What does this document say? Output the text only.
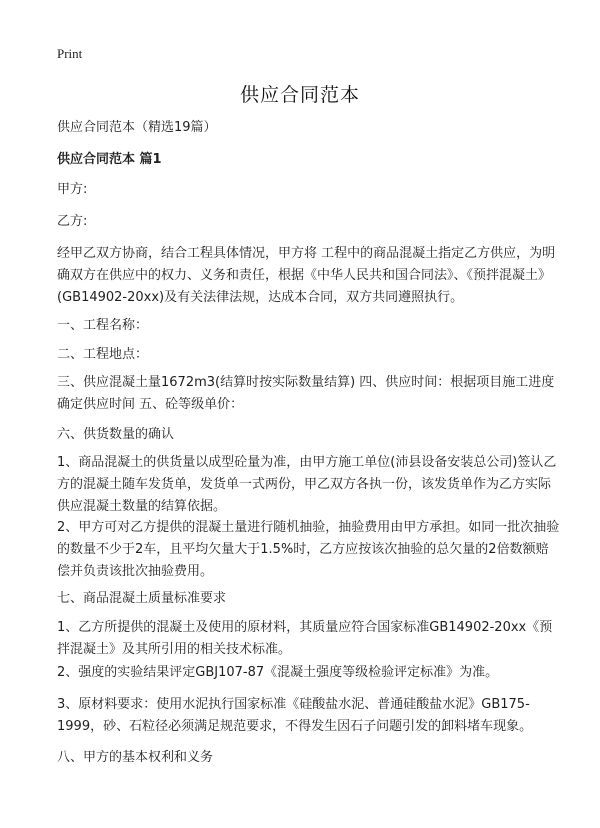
Print
供应合同范本

供应合同范本（精选19篇）

供应合同范本 篇1

甲方:

乙方:

经甲乙双方协商，结合工程具体情况，甲方将 工程中的商品混凝土指定乙方供应，为明确双方在供应中的权力、义务和责任，根据《中华人民共和国合同法》、《预拌混凝土》(GB14902-20xx)及有关法律法规，达成本合同，双方共同遵照执行。

一、工程名称：

二、工程地点：

三、供应混凝土量1672m3(结算时按实际数量结算) 四、供应时间：根据项目施工进度确定供应时间 五、砼等级单价：

六、供货数量的确认

1、商品混凝土的供货量以成型砼量为准，由甲方施工单位(沛县设备安装总公司)签认乙方的混凝土随车发货单，发货单一式两份，甲乙双方各执一份，该发货单作为乙方实际供应混凝土数量的结算依据。

2、甲方可对乙方提供的混凝土量进行随机抽验，抽验费用由甲方承担。如同一批次抽验的数量不少于2车，且平均欠量大于1.5%时，乙方应按该次抽验的总欠量的2倍数额赔偿并负责该批次抽验费用。

七、商品混凝土质量标准要求

1、乙方所提供的混凝土及使用的原材料，其质量应符合国家标准GB14902-20xx《预拌混凝土》及其所引用的相关技术标准。

2、强度的实验结果评定GBJ107-87《混凝土强度等级检验评定标准》为准。

3、原材料要求：使用水泥执行国家标准《硅酸盐水泥、普通硅酸盐水泥》GB175-1999，砂、石粒径必须满足规范要求，不得发生因石子问题引发的卸料堵车现象。

八、甲方的基本权利和义务
